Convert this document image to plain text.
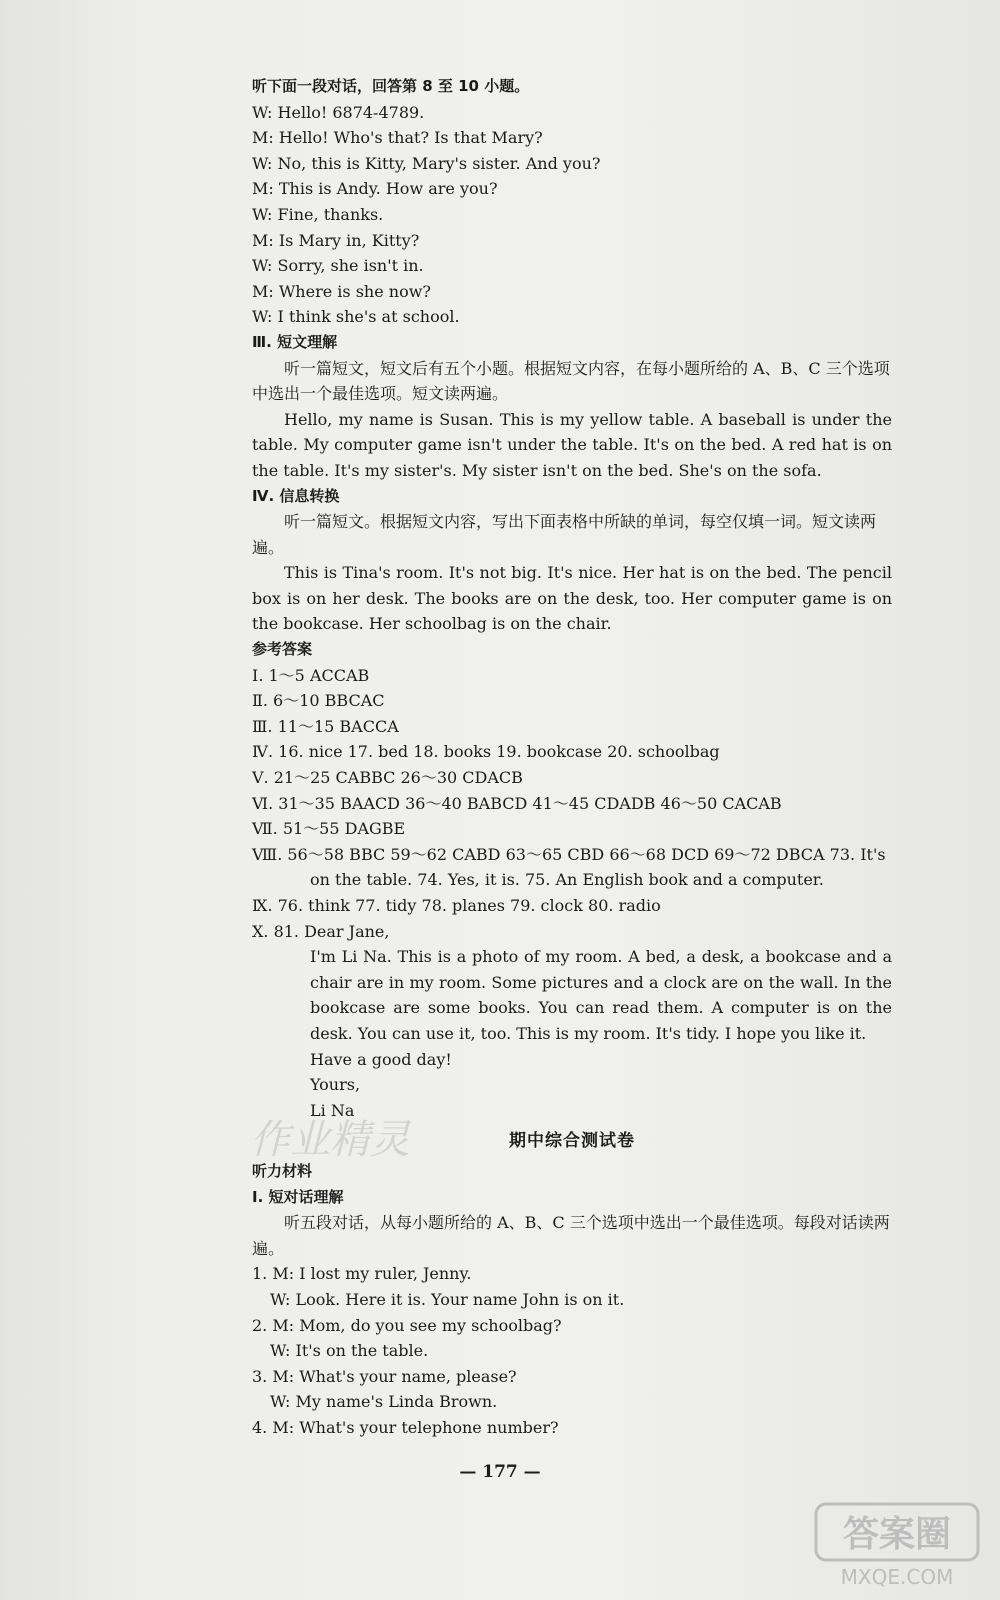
作业精灵
听下面一段对话，回答第 8 至 10 小题。
W: Hello! 6874-4789.
M: Hello! Who's that? Is that Mary?
W: No, this is Kitty, Mary's sister. And you?
M: This is Andy. How are you?
W: Fine, thanks.
M: Is Mary in, Kitty?
W: Sorry, she isn't in.
M: Where is she now?
W: I think she's at school.
Ⅲ. 短文理解
听一篇短文，短文后有五个小题。根据短文内容，在每小题所给的 A、B、C 三个选项中选出一个最佳选项。短文读两遍。
Hello, my name is Susan. This is my yellow table. A baseball is under the table. My computer game isn't under the table. It's on the bed. A red hat is on the table. It's my sister's. My sister isn't on the bed. She's on the sofa.
Ⅳ. 信息转换
听一篇短文。根据短文内容，写出下面表格中所缺的单词，每空仅填一词。短文读两遍。
This is Tina's room. It's not big. It's nice. Her hat is on the bed. The pencil box is on her desk. The books are on the desk, too. Her computer game is on the bookcase. Her schoolbag is on the chair.
参考答案
Ⅰ. 1～5 ACCAB
Ⅱ. 6～10 BBCAC
Ⅲ. 11～15 BACCA
Ⅳ. 16. nice 17. bed 18. books 19. bookcase 20. schoolbag
Ⅴ. 21～25 CABBC 26～30 CDACB
Ⅵ. 31～35 BAACD 36～40 BABCD 41～45 CDADB 46～50 CACAB
Ⅶ. 51～55 DAGBE
Ⅷ. 56～58 BBC 59～62 CABD 63～65 CBD 66～68 DCD 69～72 DBCA 73. It's on the table. 74. Yes, it is. 75. An English book and a computer.
Ⅸ. 76. think 77. tidy 78. planes 79. clock 80. radio
Ⅹ. 81. Dear Jane,
I'm Li Na. This is a photo of my room. A bed, a desk, a bookcase and a chair are in my room. Some pictures and a clock are on the wall. In the bookcase are some books. You can read them. A computer is on the desk. You can use it, too. This is my room. It's tidy. I hope you like it.
Have a good day!
Yours,
Li Na
期中综合测试卷
听力材料
Ⅰ. 短对话理解
听五段对话，从每小题所给的 A、B、C 三个选项中选出一个最佳选项。每段对话读两遍。
1. M: I lost my ruler, Jenny.
W: Look. Here it is. Your name John is on it.
2. M: Mom, do you see my schoolbag?
W: It's on the table.
3. M: What's your name, please?
W: My name's Linda Brown.
4. M: What's your telephone number?
— 177 —
答案圈
MXQE.COM
